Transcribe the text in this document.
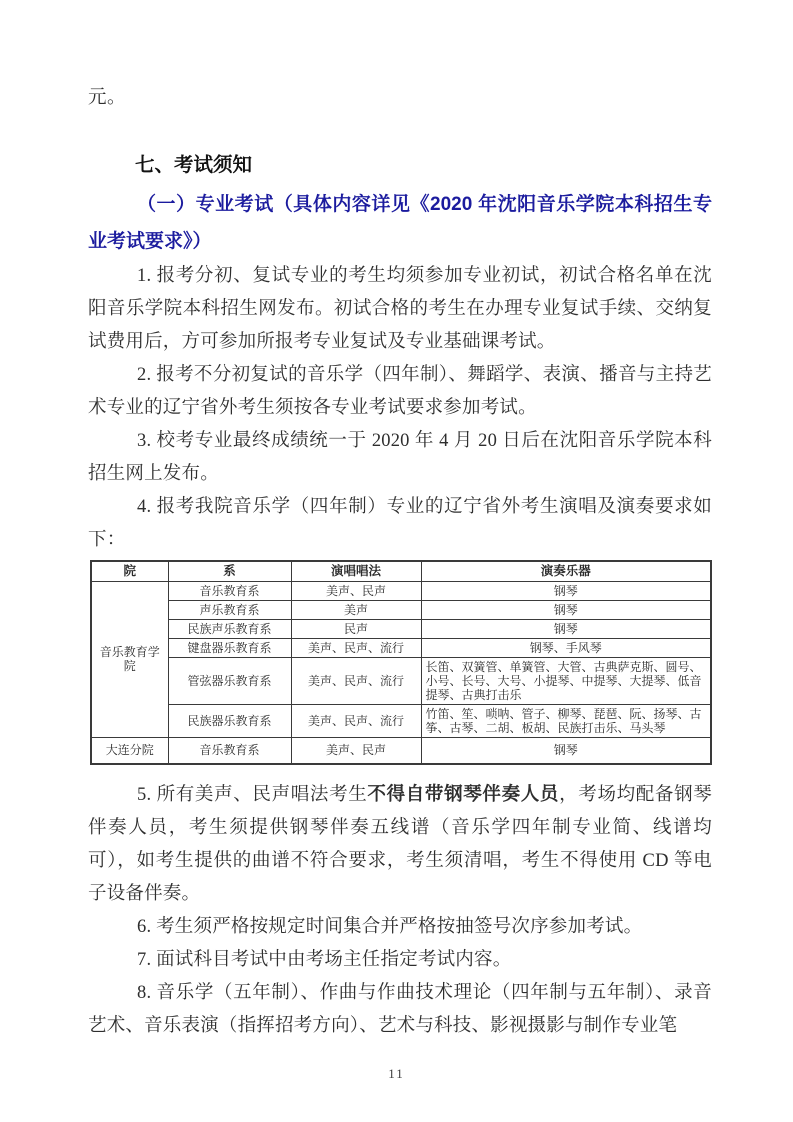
元。

七、考试须知

（一）专业考试（具体内容详见《2020 年沈阳音乐学院本科招生专业考试要求》）

1. 报考分初、复试专业的考生均须参加专业初试，初试合格名单在沈阳音乐学院本科招生网发布。初试合格的考生在办理专业复试手续、交纳复试费用后，方可参加所报考专业复试及专业基础课考试。

2. 报考不分初复试的音乐学（四年制）、舞蹈学、表演、播音与主持艺术专业的辽宁省外考生须按各专业考试要求参加考试。

3. 校考专业最终成绩统一于 2020 年 4 月 20 日后在沈阳音乐学院本科招生网上发布。

4. 报考我院音乐学（四年制）专业的辽宁省外考生演唱及演奏要求如下：

院	系	演唱唱法	演奏乐器
音乐教育学院	音乐教育系	美声、民声	钢琴
	声乐教育系	美声	钢琴
	民族声乐教育系	民声	钢琴
	键盘器乐教育系	美声、民声、流行	钢琴、手风琴
	管弦器乐教育系	美声、民声、流行	长笛、双簧管、单簧管、大管、古典萨克斯、圆号、小号、长号、大号、小提琴、中提琴、大提琴、低音提琴、古典打击乐
	民族器乐教育系	美声、民声、流行	竹笛、笙、唢呐、管子、柳琴、琵琶、阮、扬琴、古筝、古琴、二胡、板胡、民族打击乐、马头琴
大连分院	音乐教育系	美声、民声	钢琴

5. 所有美声、民声唱法考生不得自带钢琴伴奏人员，考场均配备钢琴伴奏人员，考生须提供钢琴伴奏五线谱（音乐学四年制专业简、线谱均可），如考生提供的曲谱不符合要求，考生须清唱，考生不得使用 CD 等电子设备伴奏。

6. 考生须严格按规定时间集合并严格按抽签号次序参加考试。

7. 面试科目考试中由考场主任指定考试内容。

8. 音乐学（五年制）、作曲与作曲技术理论（四年制与五年制）、录音艺术、音乐表演（指挥招考方向）、艺术与科技、影视摄影与制作专业笔

11
